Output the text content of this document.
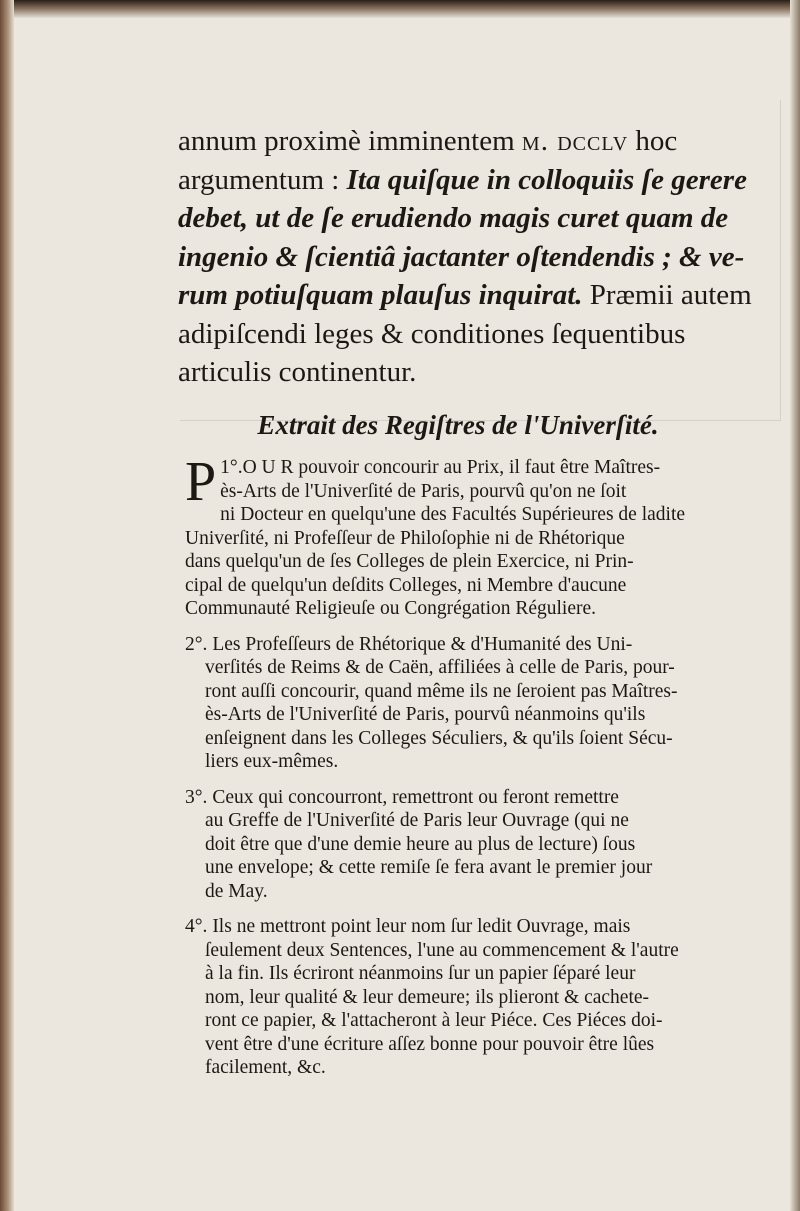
annum proximè imminentem m. dcclv hoc
argumentum : Ita quiſque in colloquiis ſe gerere
debet, ut de ſe erudiendo magis curet quam de
ingenio & ſcientiâ jactanter oſtendendis ; & ve-
rum potiuſquam plauſus inquirat. Præmii autem
adipiſcendi leges & conditiones ſequentibus
articulis continentur.
Extrait des Regiſtres de l'Univerſité.
1°.
P O U R pouvoir concourir au Prix, il faut être Maîtres-
ès-Arts de l'Univerſité de Paris, pourvû qu'on ne ſoit
ni Docteur en quelqu'une des Facultés Supérieures de ladite
Univerſité, ni Profeſſeur de Philoſophie ni de Rhétorique
dans quelqu'un de ſes Colleges de plein Exercice, ni Prin-
cipal de quelqu'un deſdits Colleges, ni Membre d'aucune
Communauté Religieuſe ou Congrégation Réguliere.
2°. Les Profeſſeurs de Rhétorique & d'Humanité des Uni-
verſités de Reims & de Caën, affiliées à celle de Paris, pour-
ront auſſi concourir, quand même ils ne ſeroient pas Maîtres-
ès-Arts de l'Univerſité de Paris, pourvû néanmoins qu'ils
enſeignent dans les Colleges Séculiers, & qu'ils ſoient Sécu-
liers eux-mêmes.
3°. Ceux qui concourront, remettront ou feront remettre
au Greffe de l'Univerſité de Paris leur Ouvrage (qui ne
doit être que d'une demie heure au plus de lecture) ſous
une envelope; & cette remiſe ſe fera avant le premier jour
de May.
4°. Ils ne mettront point leur nom ſur ledit Ouvrage, mais
ſeulement deux Sentences, l'une au commencement & l'autre
à la fin. Ils écriront néanmoins ſur un papier ſéparé leur
nom, leur qualité & leur demeure; ils plieront & cachete-
ront ce papier, & l'attacheront à leur Piéce. Ces Piéces doi-
vent être d'une écriture aſſez bonne pour pouvoir être lûes
facilement, &c.
